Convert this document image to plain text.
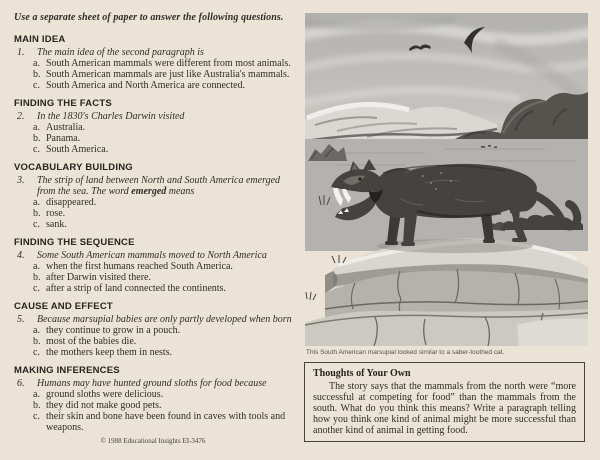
Use a separate sheet of paper to answer the following questions.
MAIN IDEA
1.	The main idea of the second paragraph is
a. South American mammals were different from most animals.
b. South American mammals are just like Australia's mammals.
c. South America and North America are connected.
FINDING THE FACTS
2.	In the 1830's Charles Darwin visited
a. Australia.
b. Panama.
c. South America.
VOCABULARY BUILDING
3.	The strip of land between North and South America emerged from the sea. The word emerged means
a. disappeared.
b. rose.
c. sank.
FINDING THE SEQUENCE
4.	Some South American mammals moved to North America
a. when the first humans reached South America.
b. after Darwin visited there.
c. after a strip of land connected the continents.
CAUSE AND EFFECT
5.	Because marsupial babies are only partly developed when born
a. they continue to grow in a pouch.
b. most of the babies die.
c. the mothers keep them in nests.
MAKING INFERENCES
6.	Humans may have hunted ground sloths for food because
a. ground sloths were delicious.
b. they did not make good pets.
c. their skin and bone have been found in caves with tools and weapons.
© 1988 Educational Insights EI-3476
This South American marsupial looked similar to a saber-toothed cat.
Thoughts of Your Own
The story says that the mammals from the north were “more successful at competing for food” than the mammals from the south. What do you think this means? Write a paragraph telling how you think one kind of animal might be more successful than another kind of animal in getting food.
